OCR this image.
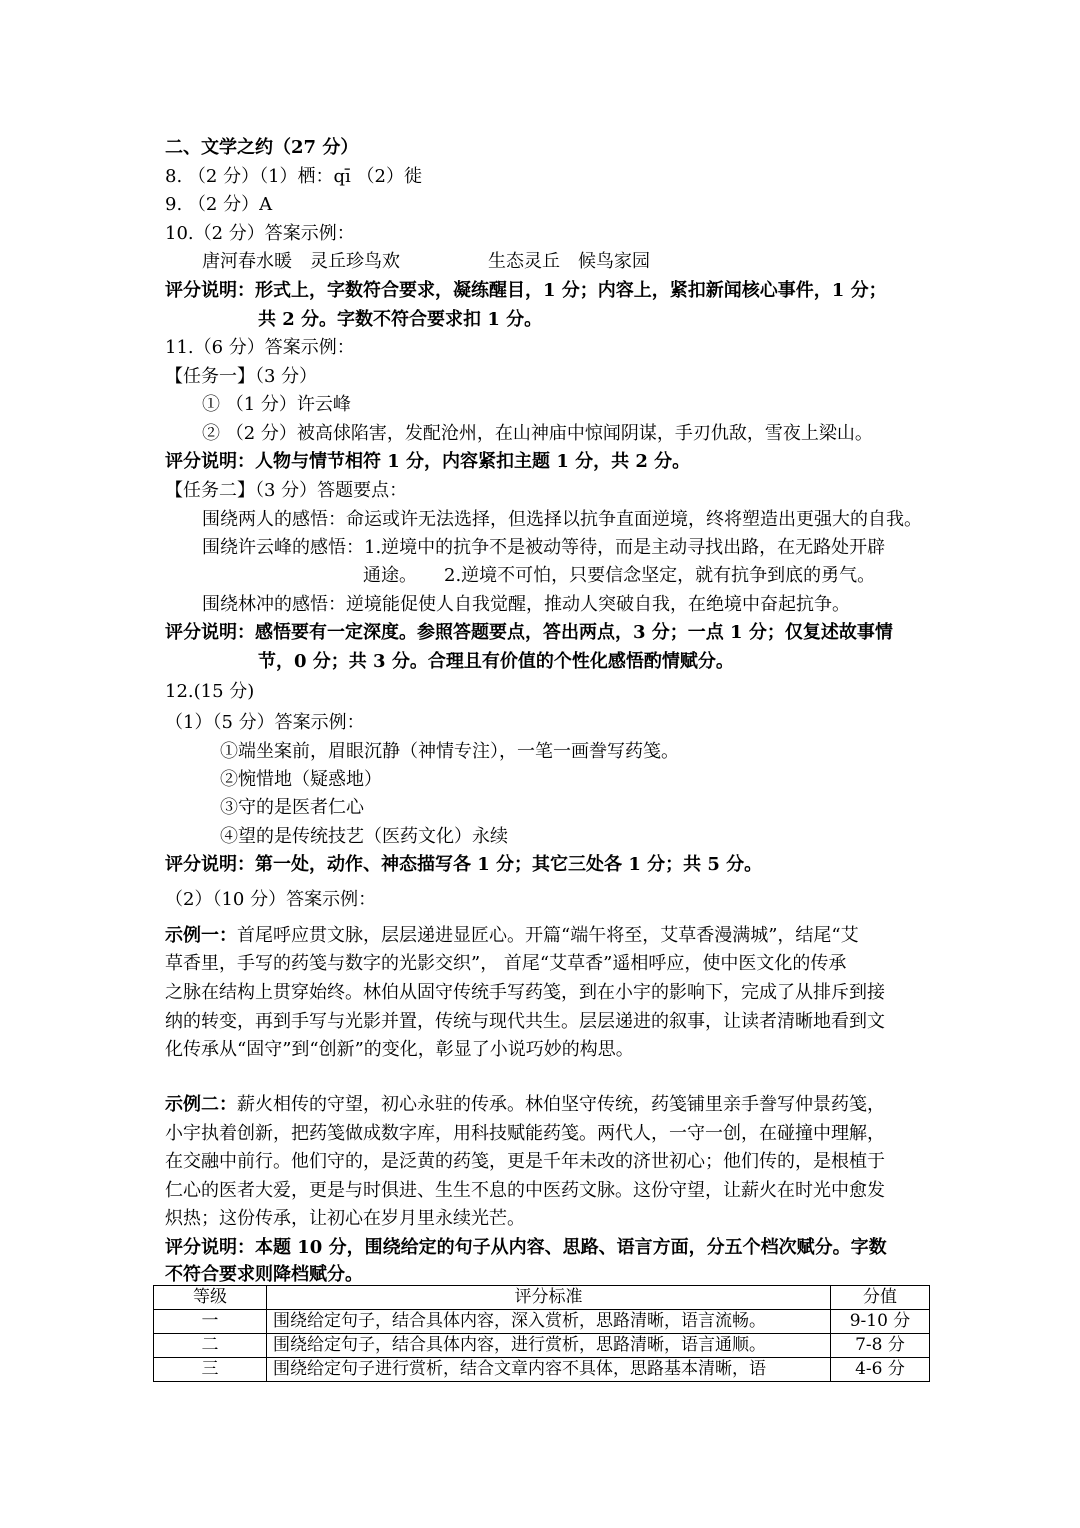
二、文学之约（27 分）
8. （2 分）（1）栖：qī （2）徙
9. （2 分）A
10.（2 分）答案示例：
唐河春水暖　灵丘珍鸟欢	生态灵丘　候鸟家园
评分说明：形式上，字数符合要求，凝练醒目，1 分；内容上，紧扣新闻核心事件，1 分；
共 2 分。字数不符合要求扣 1 分。
11.（6 分）答案示例：
【任务一】（3 分）
① （1 分）许云峰
② （2 分）被高俅陷害，发配沧州，在山神庙中惊闻阴谋，手刃仇敌，雪夜上梁山。
评分说明：人物与情节相符 1 分，内容紧扣主题 1 分，共 2 分。
【任务二】（3 分）答题要点：
围绕两人的感悟：命运或许无法选择，但选择以抗争直面逆境，终将塑造出更强大的自我。
围绕许云峰的感悟：1.逆境中的抗争不是被动等待，而是主动寻找出路，在无路处开辟
通途。　　2.逆境不可怕，只要信念坚定，就有抗争到底的勇气。
围绕林冲的感悟：逆境能促使人自我觉醒，推动人突破自我，在绝境中奋起抗争。
评分说明：感悟要有一定深度。参照答题要点，答出两点，3 分；一点 1 分；仅复述故事情
节，0 分；共 3 分。合理且有价值的个性化感悟酌情赋分。
12.(15 分)
（1）（5 分）答案示例：
①端坐案前，眉眼沉静（神情专注），一笔一画誊写药笺。
②惋惜地（疑惑地）
③守的是医者仁心
④望的是传统技艺（医药文化）永续
评分说明：第一处，动作、神态描写各 1 分；其它三处各 1 分；共 5 分。
（2）（10 分）答案示例：
示例一：首尾呼应贯文脉，层层递进显匠心。开篇“端午将至，艾草香漫满城”，结尾“艾
草香里，手写的药笺与数字的光影交织”， 首尾“艾草香”遥相呼应，使中医文化的传承
之脉在结构上贯穿始终。林伯从固守传统手写药笺，到在小宇的影响下，完成了从排斥到接
纳的转变，再到手写与光影并置，传统与现代共生。层层递进的叙事，让读者清晰地看到文
化传承从“固守”到“创新”的变化，彰显了小说巧妙的构思。
示例二：薪火相传的守望，初心永驻的传承。林伯坚守传统，药笺铺里亲手誊写仲景药笺，
小宇执着创新，把药笺做成数字库，用科技赋能药笺。两代人，一守一创，在碰撞中理解，
在交融中前行。他们守的，是泛黄的药笺，更是千年未改的济世初心；他们传的，是根植于
仁心的医者大爱，更是与时俱进、生生不息的中医药文脉。这份守望，让薪火在时光中愈发
炽热；这份传承，让初心在岁月里永续光芒。
评分说明：本题 10 分，围绕给定的句子从内容、思路、语言方面，分五个档次赋分。字数
不符合要求则降档赋分。
等级	评分标准	分值
一	围绕给定句子，结合具体内容，深入赏析，思路清晰，语言流畅。	9-10 分
二	围绕给定句子，结合具体内容，进行赏析，思路清晰，语言通顺。	7-8 分
三	围绕给定句子进行赏析，结合文章内容不具体，思路基本清晰，语	4-6 分
